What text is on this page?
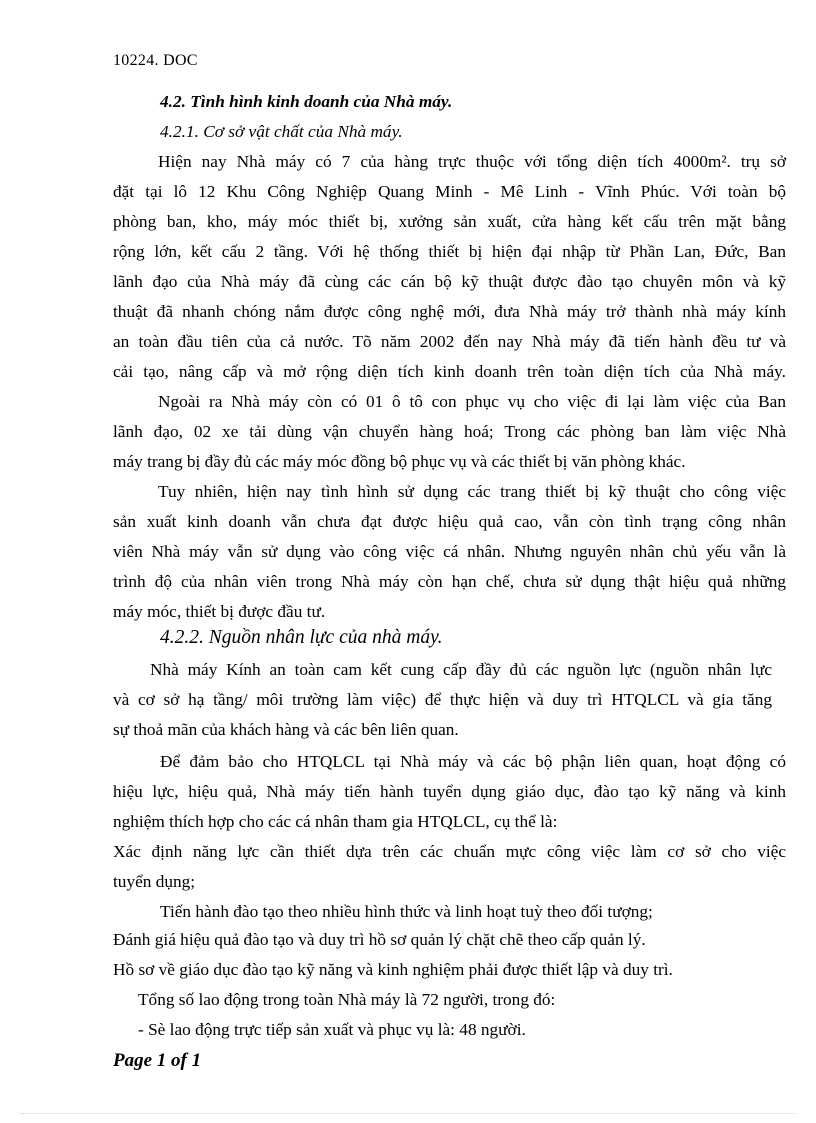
10224. DOC
4.2. Tình hình kinh doanh của Nhà máy.
4.2.1. Cơ sở vật chất của Nhà máy.
Hiện nay Nhà máy có 7 của hàng trực thuộc với tổng diện tích 4000m². trụ sở
đặt tại lô 12 Khu Công Nghiệp Quang Minh - Mê Linh - Vĩnh Phúc. Với toàn bộ
phòng ban, kho, máy móc thiết bị, xưởng sản xuất, cửa hàng kết cấu trên mặt bằng
rộng lớn, kết cấu 2 tầng. Với hệ thống thiết bị hiện đại nhập từ Phần Lan, Đức, Ban
lãnh đạo của Nhà máy đã cùng các cán bộ kỹ thuật được đào tạo chuyên môn và kỹ
thuật đã nhanh chóng nắm được công nghệ mới, đưa Nhà máy trở thành nhà máy kính
an toàn đầu tiên của cả nước. Tõ năm 2002 đến nay Nhà máy đã tiến hành đều tư và
cải tạo, nâng cấp và mở rộng diện tích kinh doanh trên toàn diện tích của Nhà máy.
Ngoài ra Nhà máy còn có 01 ô tô con phục vụ cho việc đi lại làm việc của Ban
lãnh đạo, 02 xe tải dùng vận chuyển hàng hoá; Trong các phòng ban làm việc Nhà
máy trang bị đầy đủ các máy móc đồng bộ phục vụ và các thiết bị văn phòng khác.
Tuy nhiên, hiện nay tình hình sử dụng các trang thiết bị kỹ thuật cho công việc
sản xuất kinh doanh vẫn chưa đạt được hiệu quả cao, vẫn còn tình trạng công nhân
viên Nhà máy vẫn sử dụng vào công việc cá nhân. Nhưng nguyên nhân chủ yếu vẫn là
trình độ của nhân viên trong Nhà máy còn hạn chế, chưa sử dụng thật hiệu quả những
máy móc, thiết bị được đầu tư.
4.2.2. Nguồn nhân lực của nhà máy.
Nhà máy Kính an toàn cam kết cung cấp đầy đủ các nguồn lực (nguồn nhân lực
và cơ sở hạ tầng/ môi trường làm việc) để thực hiện và duy trì HTQLCL và gia tăng
sự thoả mãn của khách hàng và các bên liên quan.
Để đảm bảo cho HTQLCL tại Nhà máy và các bộ phận liên quan, hoạt động có
hiệu lực, hiệu quả, Nhà máy tiến hành tuyển dụng giáo dục, đào tạo kỹ năng và kinh
nghiệm thích hợp cho các cá nhân tham gia HTQLCL, cụ thể là:
Xác định năng lực cần thiết dựa trên các chuẩn mực công việc làm cơ sở cho việc
tuyển dụng;
Tiến hành đào tạo theo nhiều hình thức và linh hoạt tuỳ theo đối tượng;
Đánh giá hiệu quả đào tạo và duy trì hồ sơ quản lý chặt chẽ theo cấp quản lý.
Hồ sơ về giáo dục đào tạo kỹ năng và kinh nghiệm phải được thiết lập và duy trì.
Tổng số lao động trong toàn Nhà máy là 72 người, trong đó:
- Sè lao động trực tiếp sản xuất và phục vụ là: 48 người.
Page 1 of 1
